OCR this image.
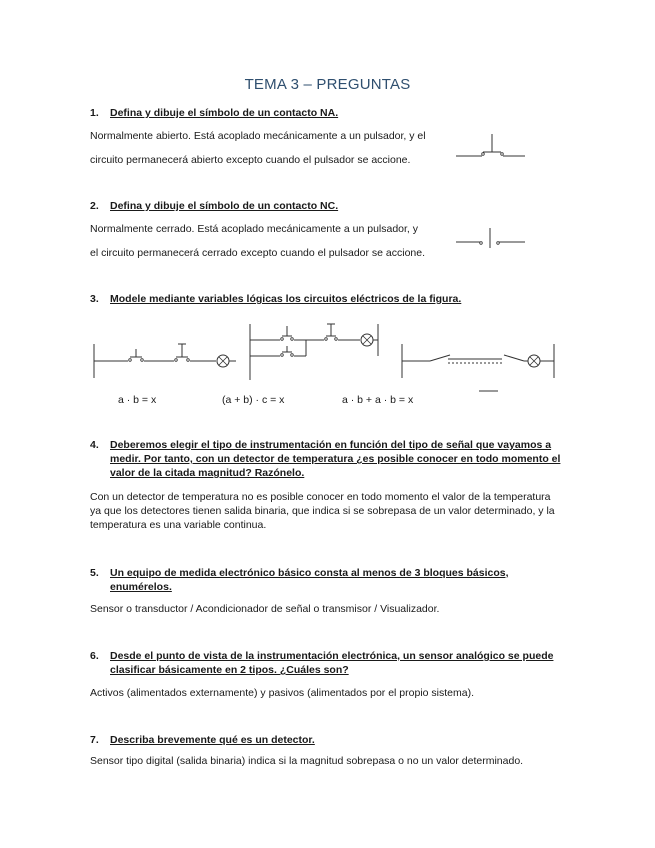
TEMA 3 – PREGUNTAS
1. Defina y dibuje el símbolo de un contacto NA.
Normalmente abierto. Está acoplado mecánicamente a un pulsador, y el
circuito permanecerá abierto excepto cuando el pulsador se accione.
2. Defina y dibuje el símbolo de un contacto NC.
Normalmente cerrado. Está acoplado mecánicamente a un pulsador, y
el circuito permanecerá cerrado excepto cuando el pulsador se accione.
3. Modele mediante variables lógicas los circuitos eléctricos de la figura.
a · b = x	(a + b) · c = x	a · b + a · b = x
4. Deberemos elegir el tipo de instrumentación en función del tipo de señal que vayamos a medir. Por tanto, con un detector de temperatura ¿es posible conocer en todo momento el valor de la citada magnitud? Razónelo.
Con un detector de temperatura no es posible conocer en todo momento el valor de la temperatura ya que los detectores tienen salida binaria, que indica si se sobrepasa de un valor determinado, y la temperatura es una variable continua.
5. Un equipo de medida electrónico básico consta al menos de 3 bloques básicos, enumérelos.
Sensor o transductor / Acondicionador de señal o transmisor / Visualizador.
6. Desde el punto de vista de la instrumentación electrónica, un sensor analógico se puede clasificar básicamente en 2 tipos. ¿Cuáles son?
Activos (alimentados externamente) y pasivos (alimentados por el propio sistema).
7. Describa brevemente qué es un detector.
Sensor tipo digital (salida binaria) indica si la magnitud sobrepasa o no un valor determinado.
